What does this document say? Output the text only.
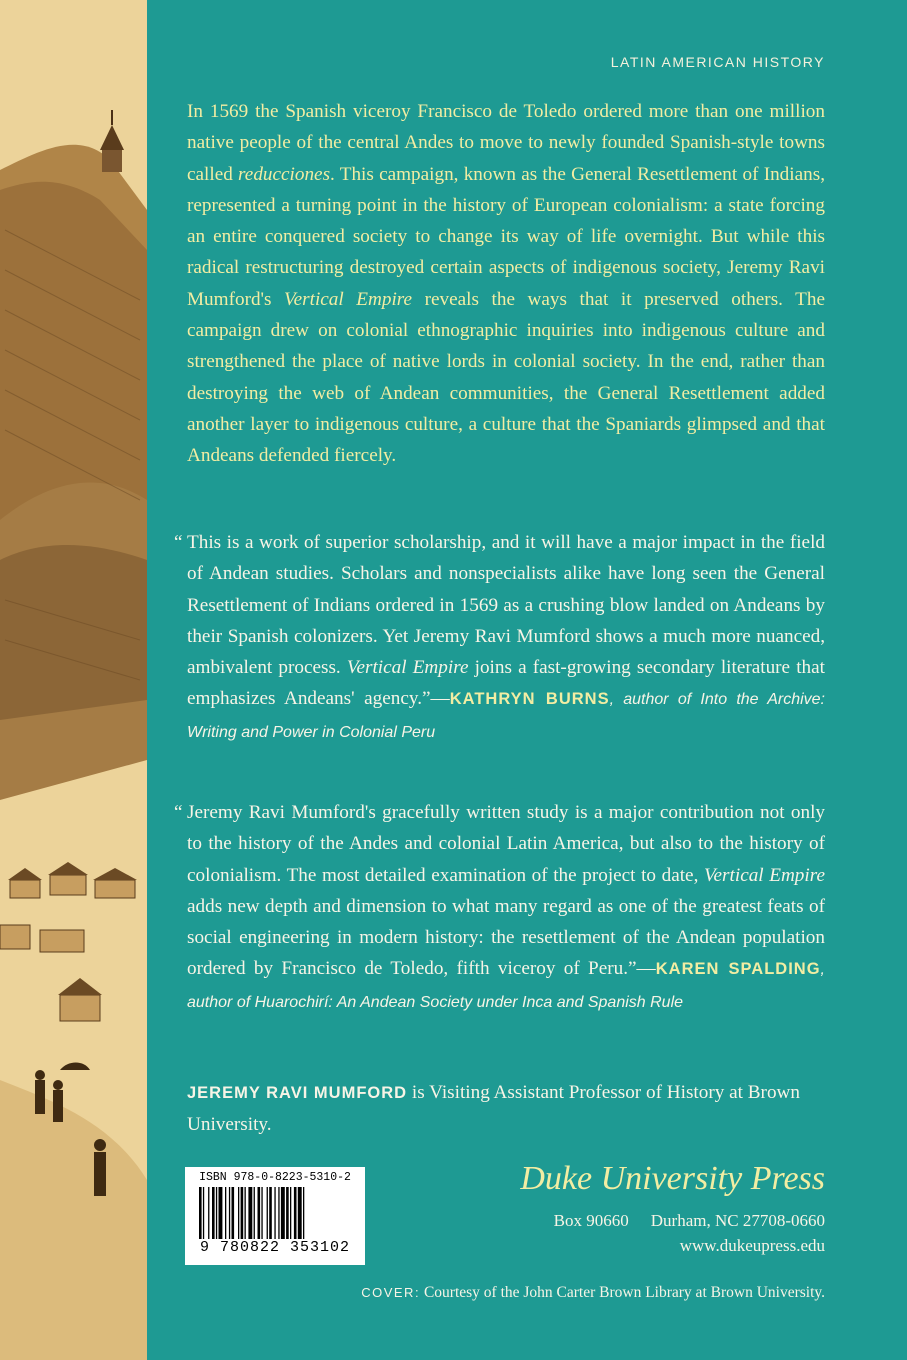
LATIN AMERICAN HISTORY

In 1569 the Spanish viceroy Francisco de Toledo ordered more than one million native people of the central Andes to move to newly founded Spanish-style towns called reducciones. This campaign, known as the General Resettlement of Indians, represented a turning point in the history of European colonialism: a state forcing an entire conquered society to change its way of life overnight. But while this radical restructuring destroyed certain aspects of indigenous society, Jeremy Ravi Mumford's Vertical Empire reveals the ways that it preserved others. The campaign drew on colonial ethnographic inquiries into indigenous culture and strengthened the place of native lords in colonial society. In the end, rather than destroying the web of Andean communities, the General Resettlement added another layer to indigenous culture, a culture that the Spaniards glimpsed and that Andeans defended fiercely.

“ This is a work of superior scholarship, and it will have a major impact in the field of Andean studies. Scholars and nonspecialists alike have long seen the General Resettlement of Indians ordered in 1569 as a crushing blow landed on Andeans by their Spanish colonizers. Yet Jeremy Ravi Mumford shows a much more nuanced, ambivalent process. Vertical Empire joins a fast-growing secondary literature that emphasizes Andeans' agency.”—KATHRYN BURNS, author of Into the Archive: Writing and Power in Colonial Peru

“ Jeremy Ravi Mumford's gracefully written study is a major contribution not only to the history of the Andes and colonial Latin America, but also to the history of colonialism. The most detailed examination of the project to date, Vertical Empire adds new depth and dimension to what many regard as one of the greatest feats of social engineering in modern history: the resettlement of the Andean population ordered by Francisco de Toledo, fifth viceroy of Peru.”—KAREN SPALDING, author of Huarochirí: An Andean Society under Inca and Spanish Rule

JEREMY RAVI MUMFORD is Visiting Assistant Professor of History at Brown University.

ISBN 978-0-8223-5310-2
9 780822 353102
Duke University Press
Box 90660 Durham, NC 27708-0660
www.dukeupress.edu
COVER: Courtesy of the John Carter Brown Library at Brown University.
